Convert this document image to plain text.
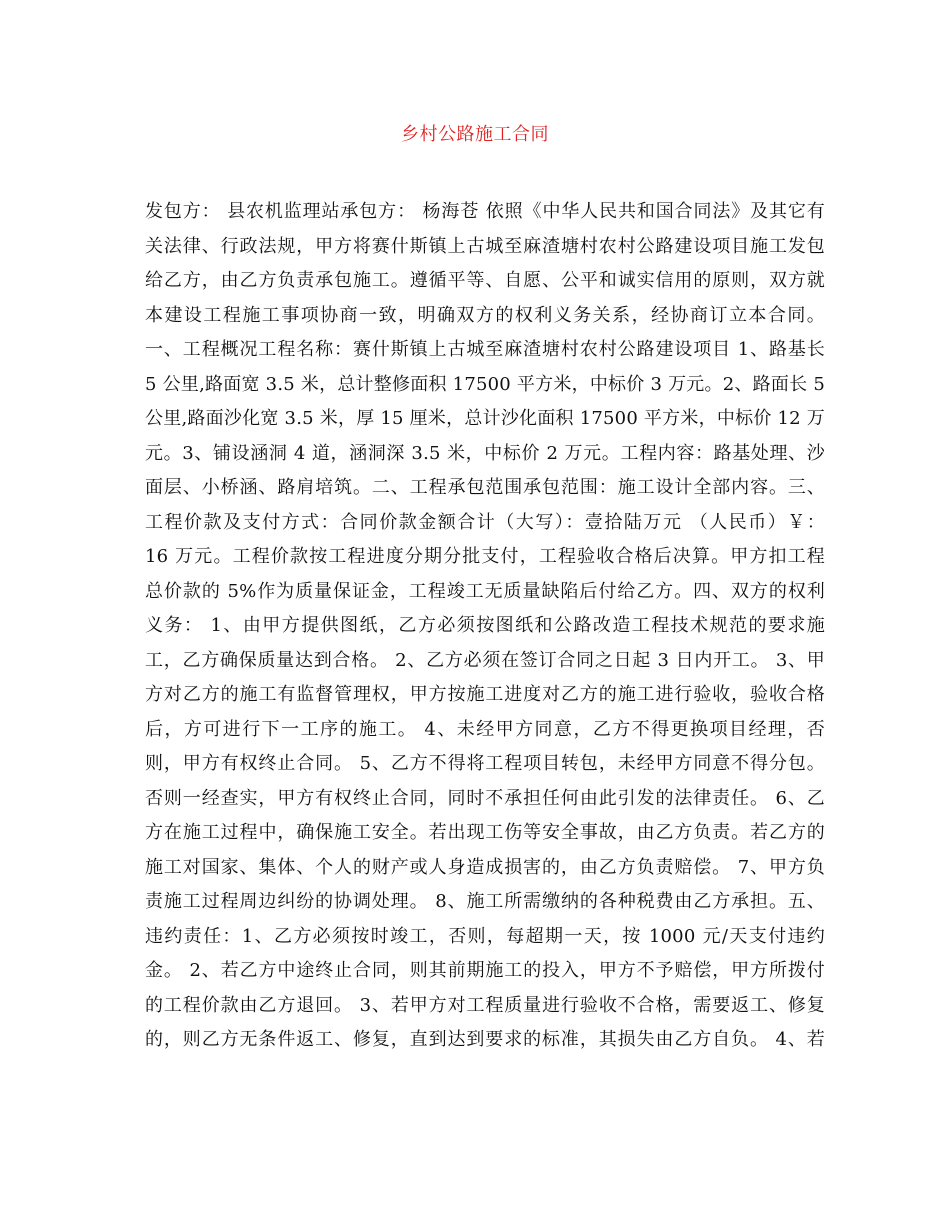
乡村公路施工合同
发包方： 县农机监理站承包方： 杨海苍 依照《中华人民共和国合同法》及其它有
关法律、行政法规，甲方将赛什斯镇上古城至麻渣塘村农村公路建设项目施工发包
给乙方，由乙方负责承包施工。遵循平等、自愿、公平和诚实信用的原则，双方就
本建设工程施工事项协商一致，明确双方的权利义务关系，经协商订立本合同。
一、工程概况工程名称：赛什斯镇上古城至麻渣塘村农村公路建设项目 1、路基长
5 公里,路面宽 3.5 米，总计整修面积 17500 平方米，中标价 3 万元。2、路面长 5
公里,路面沙化宽 3.5 米，厚 15 厘米，总计沙化面积 17500 平方米，中标价 12 万
元。3、铺设涵洞 4 道，涵洞深 3.5 米，中标价 2 万元。工程内容：路基处理、沙
面层、小桥涵、路肩培筑。二、工程承包范围承包范围：施工设计全部内容。三、
工程价款及支付方式：合同价款金额合计（大写）：壹拾陆万元 （人民币）￥：
16 万元。工程价款按工程进度分期分批支付，工程验收合格后决算。甲方扣工程
总价款的 5%作为质量保证金，工程竣工无质量缺陷后付给乙方。四、双方的权利
义务： 1、由甲方提供图纸，乙方必须按图纸和公路改造工程技术规范的要求施
工，乙方确保质量达到合格。 2、乙方必须在签订合同之日起 3 日内开工。 3、甲
方对乙方的施工有监督管理权，甲方按施工进度对乙方的施工进行验收，验收合格
后，方可进行下一工序的施工。 4、未经甲方同意，乙方不得更换项目经理，否
则，甲方有权终止合同。 5、乙方不得将工程项目转包，未经甲方同意不得分包。
否则一经查实，甲方有权终止合同，同时不承担任何由此引发的法律责任。 6、乙
方在施工过程中，确保施工安全。若出现工伤等安全事故，由乙方负责。若乙方的
施工对国家、集体、个人的财产或人身造成损害的，由乙方负责赔偿。 7、甲方负
责施工过程周边纠纷的协调处理。 8、施工所需缴纳的各种税费由乙方承担。五、
违约责任：1、乙方必须按时竣工，否则，每超期一天，按 1000 元/天支付违约
金。 2、若乙方中途终止合同，则其前期施工的投入，甲方不予赔偿，甲方所拨付
的工程价款由乙方退回。 3、若甲方对工程质量进行验收不合格，需要返工、修复
的，则乙方无条件返工、修复，直到达到要求的标准，其损失由乙方自负。 4、若
